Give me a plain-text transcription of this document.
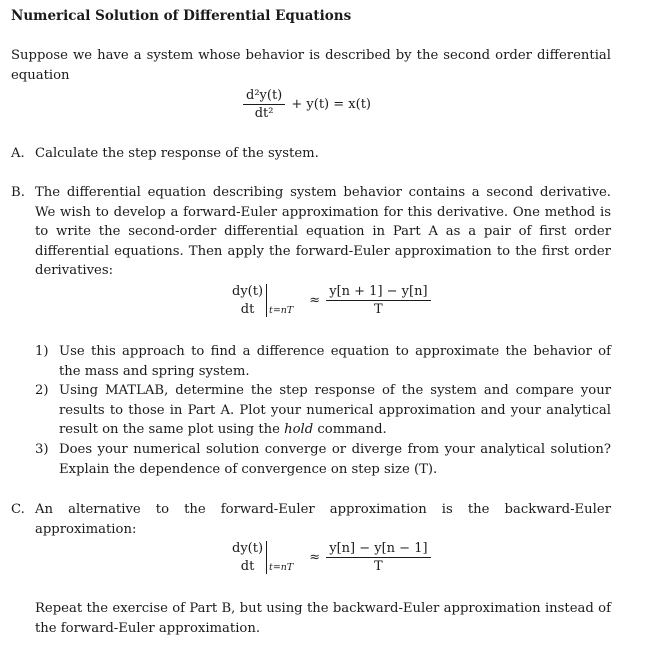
Numerical Solution of Differential Equations
Suppose we have a system whose behavior is described by the second order differential equation
$\frac{\text{d²y(t)}}{\text{dt²}} + y(t) = x(t)$
A. Calculate the step response of the system.
B. The differential equation describing system behavior contains a second derivative. We wish to develop a forward-Euler approximation for this derivative. One method is to write the second-order differential equation in Part A as a pair of first order differential equations. Then apply the forward-Euler approximation to the first order derivatives:
dy(t)
dt
	t=nT
≈ $\frac{y[n + 1] - y[n]}{T}$
1) Use this approach to find a difference equation to approximate the behavior of the mass and spring system.
2) Using MATLAB, determine the step response of the system and compare your results to those in Part A. Plot your numerical approximation and your analytical result on the same plot using the hold command.
3) Does your numerical solution converge or diverge from your analytical solution? Explain the dependence of convergence on step size (T).
C. An alternative to the forward-Euler approximation is the backward-Euler approximation:
dy(t)
dt
	t=nT
≈ $\frac{y[n] - y[n - 1]}{T}$
Repeat the exercise of Part B, but using the backward-Euler approximation instead of the forward-Euler approximation.
